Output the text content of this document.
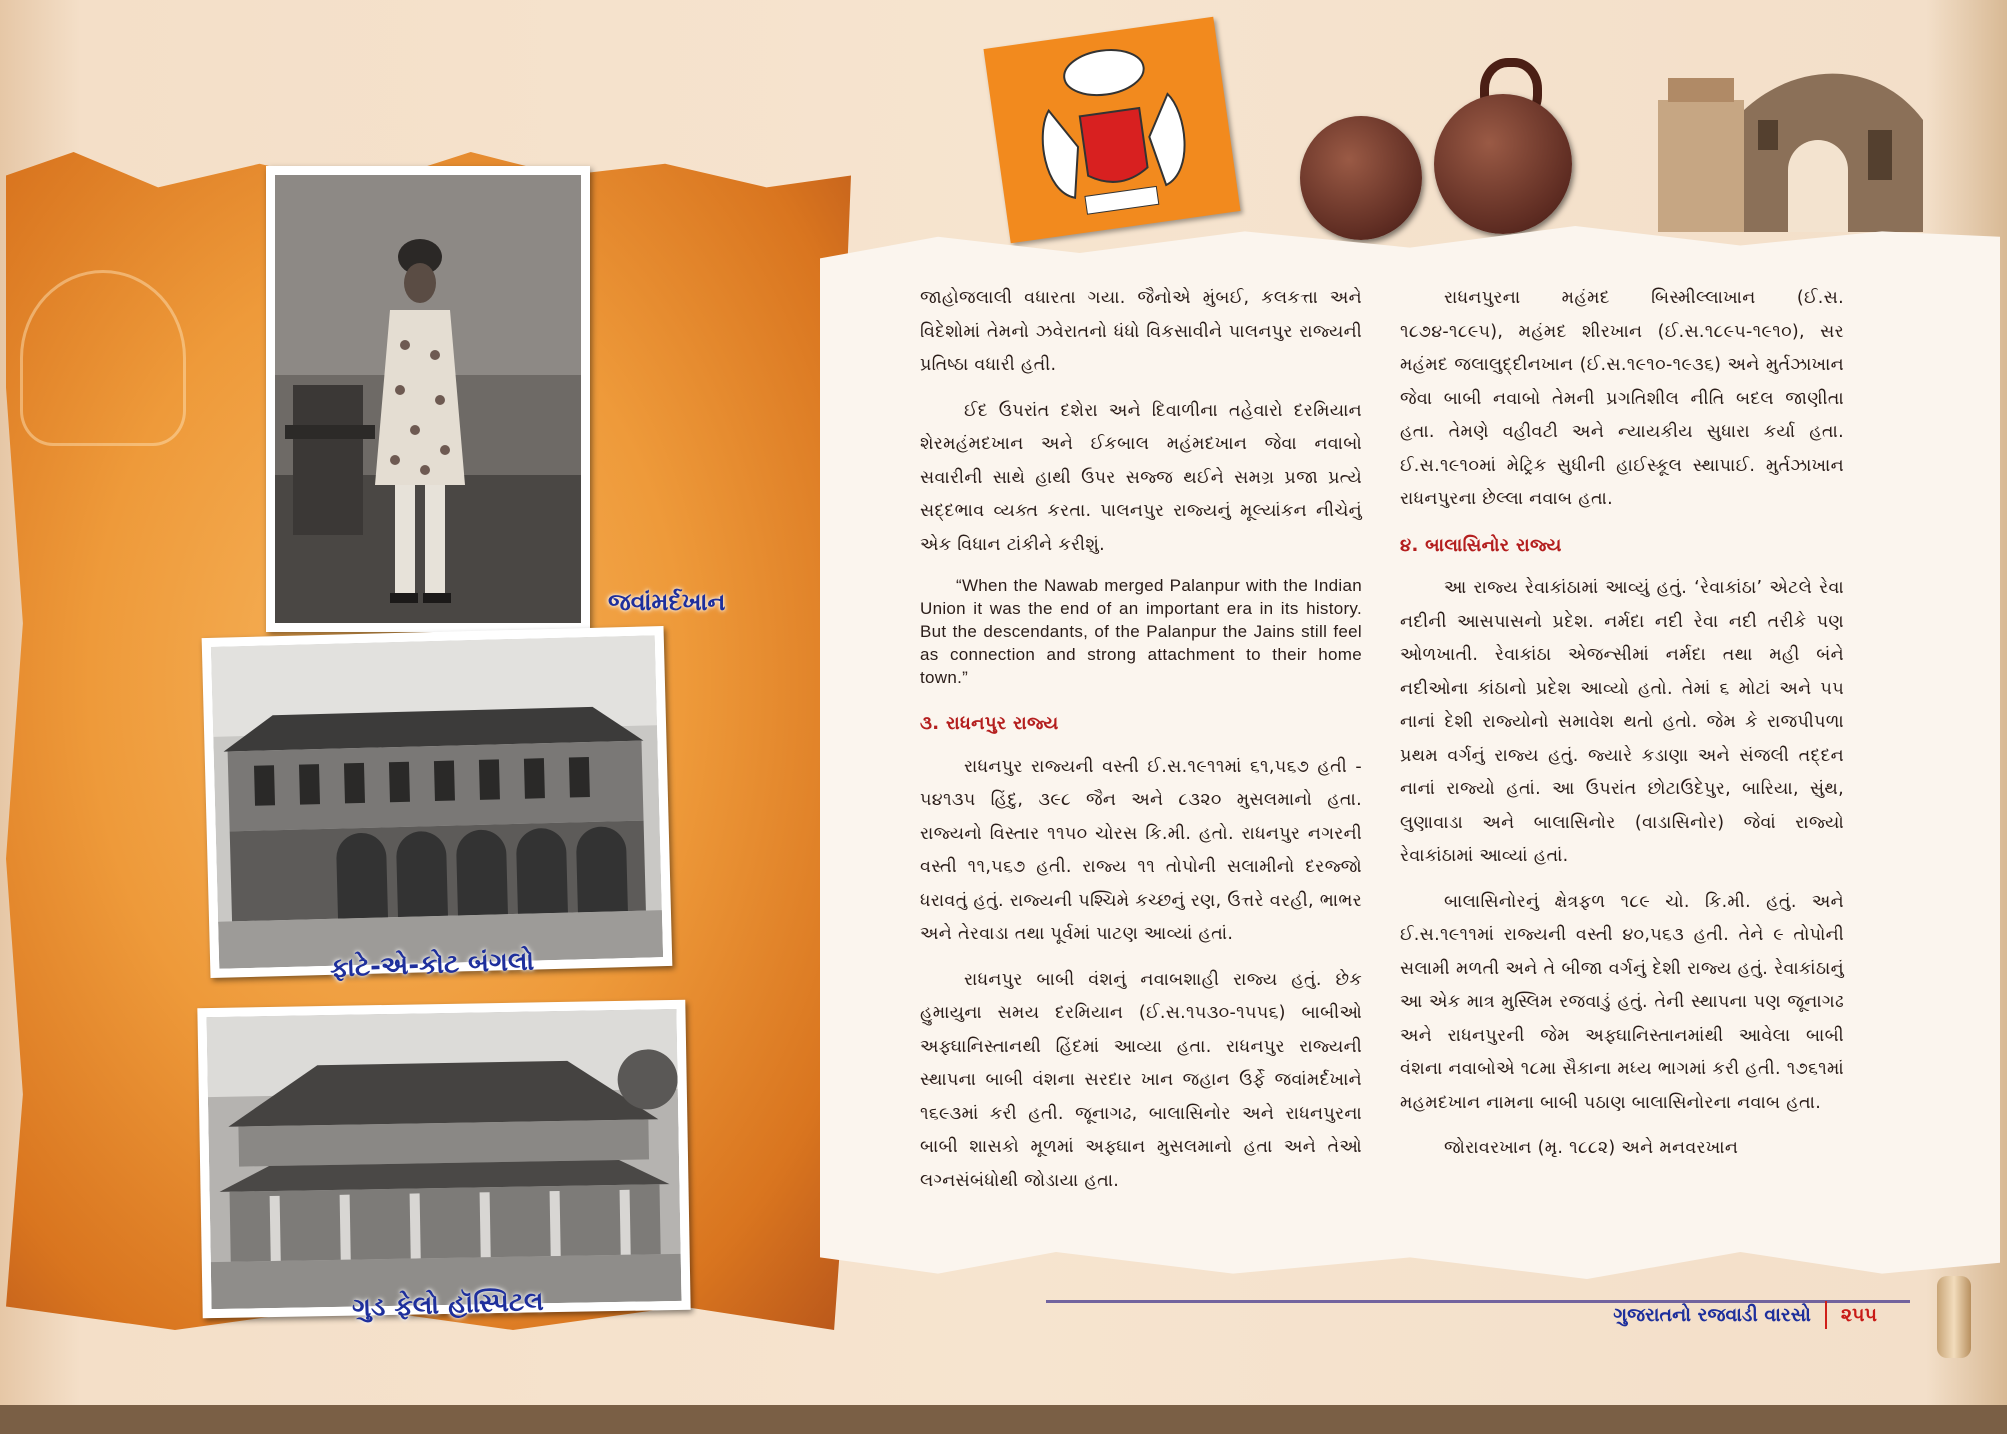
જવાંમર્દખાન
ફાટે-એ-કોટ બંગલો
ગુડ ફેલો હૉસ્પિટલ

જાહોજલાલી વધારતા ગયા. જૈનોએ મુંબઈ, કલકત્તા અને વિદેશોમાં તેમનો ઝવેરાતનો ધંધો વિકસાવીને પાલનપુર રાજ્યની પ્રતિષ્ઠા વધારી હતી.

ઈદ ઉપરાંત દશેરા અને દિવાળીના તહેવારો દરમિયાન શેરમહંમદખાન અને ઈકબાલ મહંમદખાન જેવા નવાબો સવારીની સાથે હાથી ઉપર સજ્જ થઈને સમગ્ર પ્રજા પ્રત્યે સદ્દભાવ વ્યક્ત કરતા. પાલનપુર રાજ્યનું મૂલ્યાંકન નીચેનું એક વિધાન ટાંકીને કરીશું.

“When the Nawab merged Palanpur with the Indian Union it was the end of an important era in its history. But the descendants, of the Palanpur the Jains still feel as connection and strong attachment to their home town.”

૩. રાધનપુર રાજ્ય

રાધનપુર રાજ્યની વસ્તી ઈ.સ.૧૯૧૧માં ૬૧,૫૬૭ હતી - ૫૪૧૩૫ હિંદુ, ૩૯૮ જૈન અને ૮૩૨૦ મુસલમાનો હતા. રાજ્યનો વિસ્તાર ૧૧૫૦ ચોરસ કિ.મી. હતો. રાધનપુર નગરની વસ્તી ૧૧,૫૬૭ હતી. રાજ્ય ૧૧ તોપોની સલામીનો દરજ્જો ધરાવતું હતું. રાજ્યની પશ્ચિમે કચ્છનું રણ, ઉત્તરે વરહી, ભાભર અને તેરવાડા તથા પૂર્વમાં પાટણ આવ્યાં હતાં.

રાધનપુર બાબી વંશનું નવાબશાહી રાજ્ય હતું. છેક હુમાયુના સમય દરમિયાન (ઈ.સ.૧૫૩૦-૧૫૫૬) બાબીઓ અફ્ઘાનિસ્તાનથી હિંદમાં આવ્યા હતા. રાધનપુર રાજ્યની સ્થાપના બાબી વંશના સરદાર ખાન જહાન ઉર્ફે જવાંમર્દખાને ૧૬૯૩માં કરી હતી. જૂનાગઢ, બાલાસિનોર અને રાધનપુરના બાબી શાસકો મૂળમાં અફ્ઘાન મુસલમાનો હતા અને તેઓ લગ્નસંબંધોથી જોડાયા હતા.

રાધનપુરના મહંમદ બિસ્મીલ્લાખાન (ઈ.સ. ૧૮૭૪-૧૮૯૫), મહંમદ શીરખાન (ઈ.સ.૧૮૯૫-૧૯૧૦), સર મહંમદ જલાલુદ્દીનખાન (ઈ.સ.૧૯૧૦-૧૯૩૬) અને મુર્તઝાખાન જેવા બાબી નવાબો તેમની પ્રગતિશીલ નીતિ બદલ જાણીતા હતા. તેમણે વહીવટી અને ન્યાયકીય સુધારા કર્યા હતા. ઈ.સ.૧૯૧૦માં મેટ્રિક સુધીની હાઈસ્કૂલ સ્થાપાઈ. મુર્તઝાખાન રાધનપુરના છેલ્લા નવાબ હતા.

૪. બાલાસિનોર રાજ્ય

આ રાજ્ય રેવાકાંઠામાં આવ્યું હતું. ‘રેવાકાંઠા’ એટલે રેવા નદીની આસપાસનો પ્રદેશ. નર્મદા નદી રેવા નદી તરીકે પણ ઓળખાતી. રેવાકાંઠા એજન્સીમાં નર્મદા તથા મહી બંને નદીઓના કાંઠાનો પ્રદેશ આવ્યો હતો. તેમાં ૬ મોટાં અને ૫૫ નાનાં દેશી રાજ્યોનો સમાવેશ થતો હતો. જેમ કે રાજપીપળા પ્રથમ વર્ગનું રાજ્ય હતું. જ્યારે કડાણા અને સંજલી તદ્દન નાનાં રાજ્યો હતાં. આ ઉપરાંત છોટાઉદેપુર, બારિયા, સુંથ, લુણાવાડા અને બાલાસિનોર (વાડાસિનોર) જેવાં રાજ્યો રેવાકાંઠામાં આવ્યાં હતાં.

બાલાસિનોરનું ક્ષેત્રફળ ૧૮૯ ચો. કિ.મી. હતું. અને ઈ.સ.૧૯૧૧માં રાજ્યની વસ્તી ૪૦,૫૬૩ હતી. તેને ૯ તોપોની સલામી મળતી અને તે બીજા વર્ગનું દેશી રાજ્ય હતું. રેવાકાંઠાનું આ એક માત્ર મુસ્લિમ રજવાડું હતું. તેની સ્થાપના પણ જૂનાગઢ અને રાધનપુરની જેમ અફ્ઘાનિસ્તાનમાંથી આવેલા બાબી વંશના નવાબોએ ૧૮મા સૈકાના મધ્ય ભાગમાં કરી હતી. ૧૭૬૧માં મહમદખાન નામના બાબી પઠાણ બાલાસિનોરના નવાબ હતા.

જોરાવરખાન (મૃ. ૧૮૮૨) અને મનવરખાન

ગુજરાતનો રજવાડી વારસો ૨૫૫
